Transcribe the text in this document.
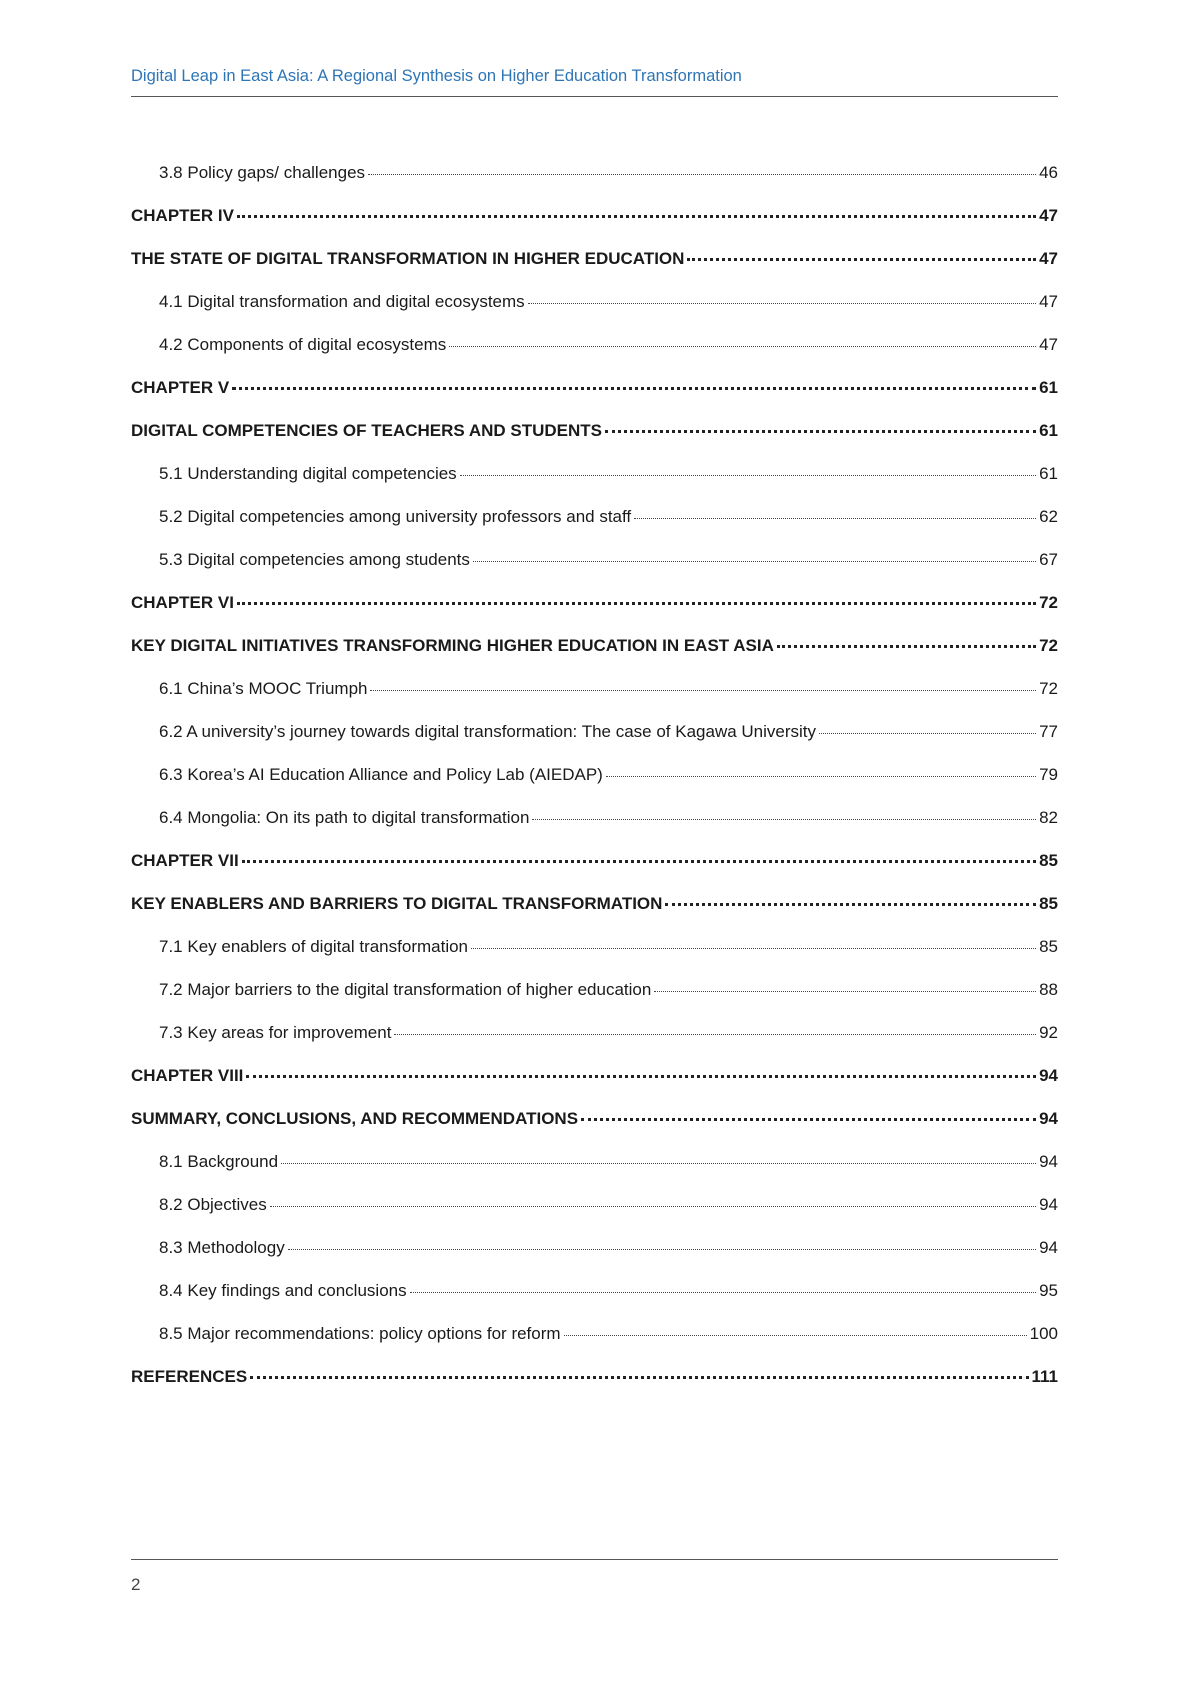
Digital Leap in East Asia: A Regional Synthesis on Higher Education Transformation
3.8 Policy gaps/ challenges	46
CHAPTER IV	47
THE STATE OF DIGITAL TRANSFORMATION IN HIGHER EDUCATION	47
4.1 Digital transformation and digital ecosystems	47
4.2 Components of digital ecosystems	47
CHAPTER V	61
DIGITAL COMPETENCIES OF TEACHERS AND STUDENTS	61
5.1 Understanding digital competencies	61
5.2 Digital competencies among university professors and staff	62
5.3 Digital competencies among students	67
CHAPTER VI	72
KEY DIGITAL INITIATIVES TRANSFORMING HIGHER EDUCATION IN EAST ASIA	72
6.1 China’s MOOC Triumph	72
6.2 A university’s journey towards digital transformation: The case of Kagawa University	77
6.3 Korea’s AI Education Alliance and Policy Lab (AIEDAP)	79
6.4 Mongolia: On its path to digital transformation	82
CHAPTER VII	85
KEY ENABLERS AND BARRIERS TO DIGITAL TRANSFORMATION	85
7.1 Key enablers of digital transformation	85
7.2 Major barriers to the digital transformation of higher education	88
7.3 Key areas for improvement	92
CHAPTER VIII	94
SUMMARY, CONCLUSIONS, AND RECOMMENDATIONS	94
8.1 Background	94
8.2 Objectives	94
8.3 Methodology	94
8.4 Key findings and conclusions	95
8.5 Major recommendations: policy options for reform	100
REFERENCES	111
2
